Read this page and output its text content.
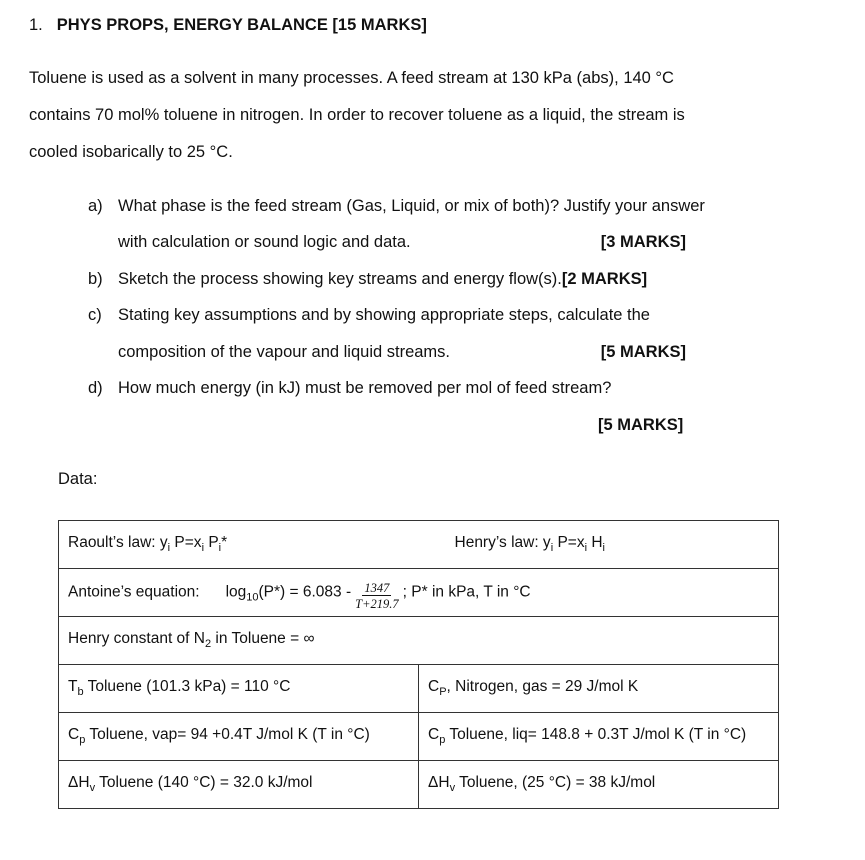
1. PHYS PROPS, ENERGY BALANCE [15 MARKS]
Toluene is used as a solvent in many processes. A feed stream at 130 kPa (abs), 140 °C
contains 70 mol% toluene in nitrogen. In order to recover toluene as a liquid, the stream is
cooled isobarically to 25 °C.
a) What phase is the feed stream (Gas, Liquid, or mix of both)? Justify your answer
with calculation or sound logic and data.	[3 MARKS]
b) Sketch the process showing key streams and energy flow(s).[2 MARKS]
c) Stating key assumptions and by showing appropriate steps, calculate the
composition of the vapour and liquid streams.	[5 MARKS]
d) How much energy (in kJ) must be removed per mol of feed stream?
[5 MARKS]
Data:
Raoult’s law: $y_i$ $P=x_i$ $P_i*$	Henry’s law: $y_i$ $P=x_i$ $H_i$
Antoine’s equation: $\log_{10}(P*) = 6.083 - \frac{1347}{T+219.7}$ ; P* in kPa, T in °C	
Henry constant of $N_2$ in Toluene = ∞	
$T_b$ Toluene (101.3 kPa) = 110 °C	$C_P$, Nitrogen, gas = 29 J/mol K
$C_p$ Toluene, vap= 94 +0.4T J/mol K (T in °C)	$C_p$ Toluene, liq= 148.8 + 0.3T J/mol K (T in °C)
$\Delta H_v$ Toluene (140 °C) = 32.0 kJ/mol	$\Delta H_v$ Toluene, (25 °C) = 38 kJ/mol
